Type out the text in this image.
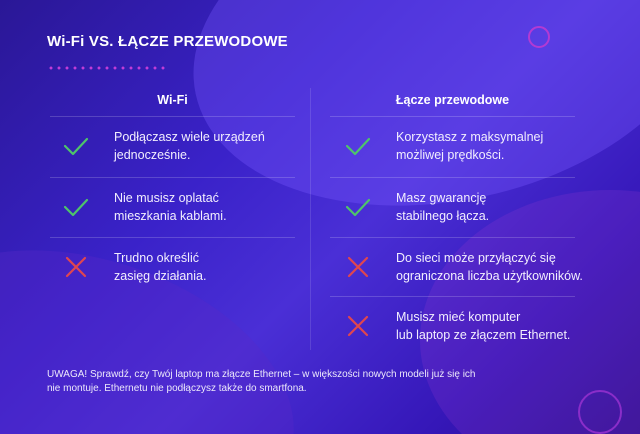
Wi-Fi VS. ŁĄCZE PRZEWODOWE
Wi-Fi	Łącze przewodowe
Podłączasz wiele urządzeń
jednocześnie.
Nie musisz oplatać
mieszkania kablami.
Trudno określić
zasięg działania.
Korzystasz z maksymalnej
możliwej prędkości.
Masz gwarancję
stabilnego łącza.
Do sieci może przyłączyć się
ograniczona liczba użytkowników.
Musisz mieć komputer
lub laptop ze złączem Ethernet.
UWAGA! Sprawdź, czy Twój laptop ma złącze Ethernet – w większości nowych modeli już się ich
nie montuje. Ethernetu nie podłączysz także do smartfona.
